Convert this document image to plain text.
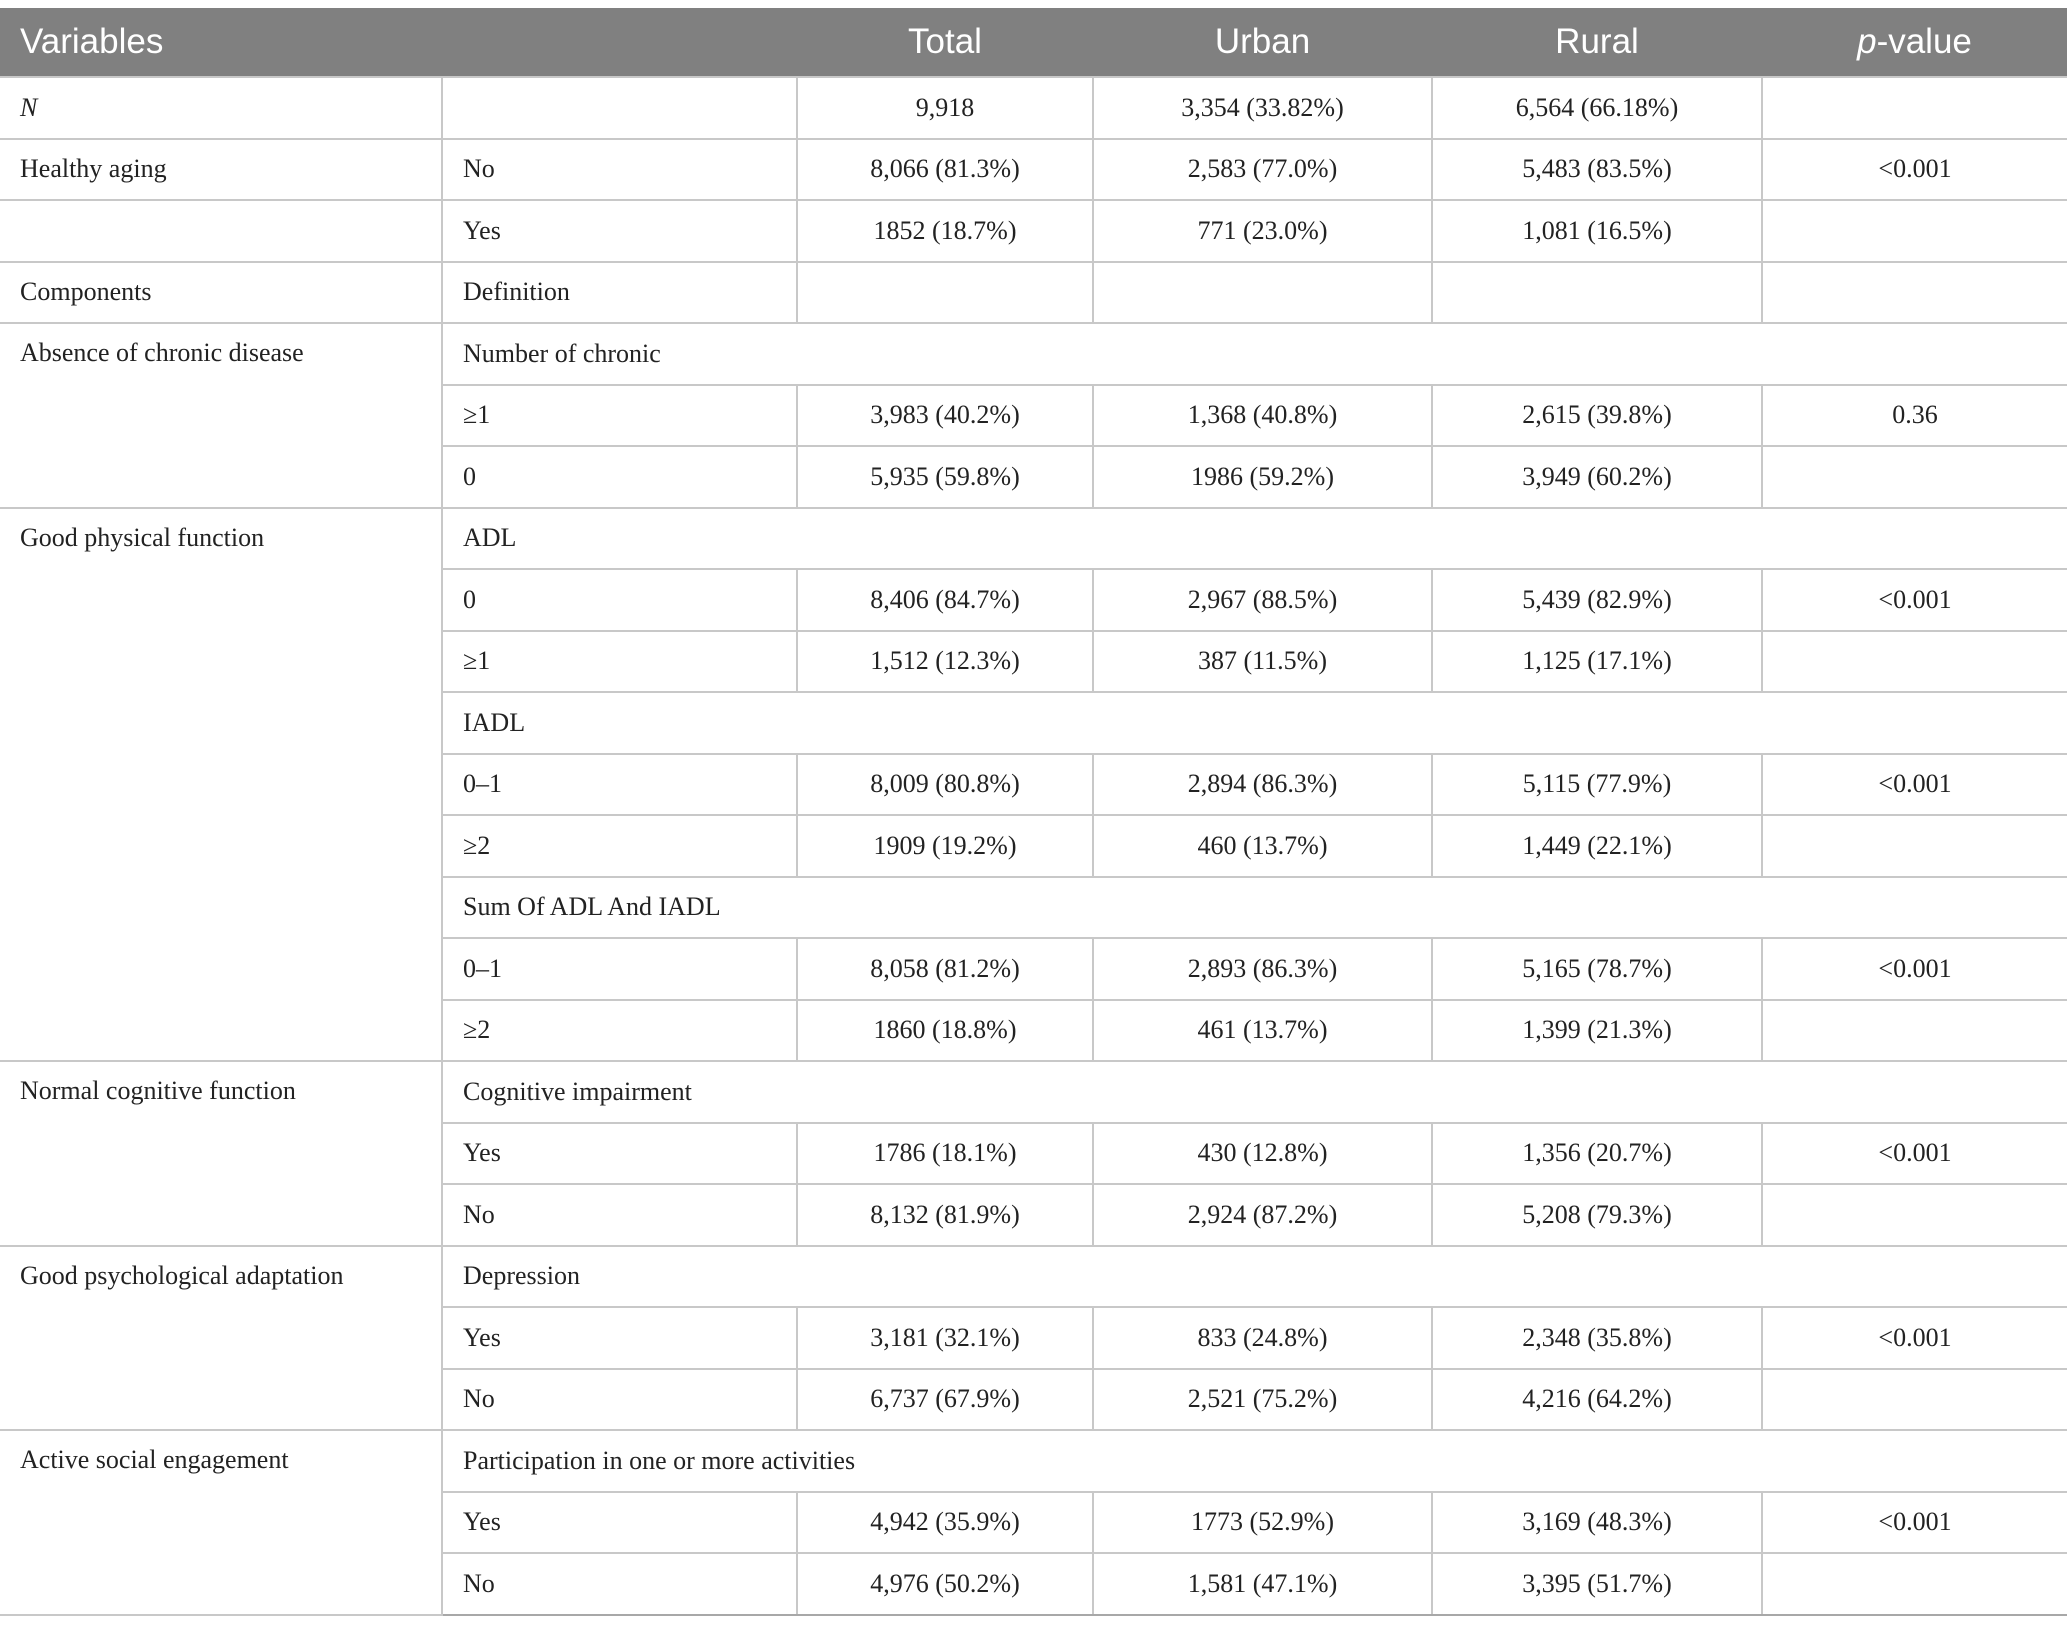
Variables		Total	Urban	Rural	p-value
N		9,918	3,354 (33.82%)	6,564 (66.18%)	
Healthy aging	No	8,066 (81.3%)	2,583 (77.0%)	5,483 (83.5%)	<0.001
	Yes	1852 (18.7%)	771 (23.0%)	1,081 (16.5%)	
Components	Definition				
Absence of chronic disease	Number of chronic				
	≥1	3,983 (40.2%)	1,368 (40.8%)	2,615 (39.8%)	0.36
	0	5,935 (59.8%)	1986 (59.2%)	3,949 (60.2%)	
Good physical function	ADL				
	0	8,406 (84.7%)	2,967 (88.5%)	5,439 (82.9%)	<0.001
	≥1	1,512 (12.3%)	387 (11.5%)	1,125 (17.1%)	
	IADL				
	0–1	8,009 (80.8%)	2,894 (86.3%)	5,115 (77.9%)	<0.001
	≥2	1909 (19.2%)	460 (13.7%)	1,449 (22.1%)	
	Sum Of ADL And IADL				
	0–1	8,058 (81.2%)	2,893 (86.3%)	5,165 (78.7%)	<0.001
	≥2	1860 (18.8%)	461 (13.7%)	1,399 (21.3%)	
Normal cognitive function	Cognitive impairment				
	Yes	1786 (18.1%)	430 (12.8%)	1,356 (20.7%)	<0.001
	No	8,132 (81.9%)	2,924 (87.2%)	5,208 (79.3%)	
Good psychological adaptation	Depression				
	Yes	3,181 (32.1%)	833 (24.8%)	2,348 (35.8%)	<0.001
	No	6,737 (67.9%)	2,521 (75.2%)	4,216 (64.2%)	
Active social engagement	Participation in one or more activities				
	Yes	4,942 (35.9%)	1773 (52.9%)	3,169 (48.3%)	<0.001
	No	4,976 (50.2%)	1,581 (47.1%)	3,395 (51.7%)	
